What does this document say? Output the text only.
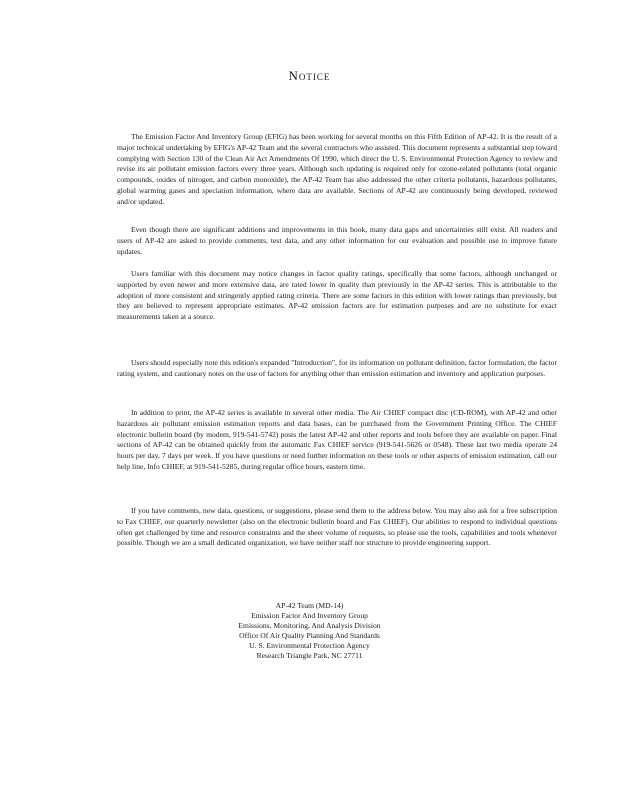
Notice

The Emission Factor And Inventory Group (EFIG) has been working for several months on this Fifth Edition of AP-42. It is the result of a major technical undertaking by EFIG's AP-42 Team and the several contractors who assisted. This document represents a substantial step toward complying with Section 130 of the Clean Air Act Amendments Of 1990, which direct the U. S. Environmental Protection Agency to review and revise its air pollutant emission factors every three years. Although such updating is required only for ozone-related pollutants (total organic compounds, oxides of nitrogen, and carbon monoxide), the AP-42 Team has also addressed the other criteria pollutants, hazardous pollutants, global warming gases and speciation information, where data are available. Sections of AP-42 are continuously being developed, reviewed and/or updated.

Even though there are significant additions and improvements in this book, many data gaps and uncertainties still exist. All readers and users of AP-42 are asked to provide comments, test data, and any other information for our evaluation and possible use to improve future updates.

Users familiar with this document may notice changes in factor quality ratings, specifically that some factors, although unchanged or supported by even newer and more extensive data, are rated lower in quality than previously in the AP-42 series. This is attributable to the adoption of more consistent and stringently applied rating criteria. There are some factors in this edition with lower ratings than previously, but they are believed to represent appropriate estimates. AP-42 emission factors are for estimation purposes and are no substitute for exact measurements taken at a source.

Users should especially note this edition's expanded "Introduction", for its information on pollutant definition, factor formulation, the factor rating system, and cautionary notes on the use of factors for anything other than emission estimation and inventory and application purposes.

In addition to print, the AP-42 series is available in several other media. The Air CHIEF compact disc (CD-ROM), with AP-42 and other hazardous air pollutant emission estimation reports and data bases, can be purchased from the Government Printing Office. The CHIEF electronic bulletin board (by modem, 919-541-5742) posts the latest AP-42 and other reports and tools before they are available on paper. Final sections of AP-42 can be obtained quickly from the automatic Fax CHIEF service (919-541-5626 or 0548). These last two media operate 24 hours per day, 7 days per week. If you have questions or need further information on these tools or other aspects of emission estimation, call our help line, Info CHIEF, at 919-541-5285, during regular office hours, eastern time.

If you have comments, new data, questions, or suggestions, please send them to the address below. You may also ask for a free subscription to Fax CHIEF, our quarterly newsletter (also on the electronic bulletin board and Fax CHIEF). Our abilities to respond to individual questions often get challenged by time and resource constraints and the sheer volume of requests, so please use the tools, capabilities and tools whenever possible. Though we are a small dedicated organization, we have neither staff nor structure to provide engineering support.

AP-42 Team (MD-14)
Emission Factor And Inventory Group
Emissions, Monitoring, And Analysis Division
Office Of Air Quality Planning And Standards
U. S. Environmental Protection Agency
Research Triangle Park, NC 27711
